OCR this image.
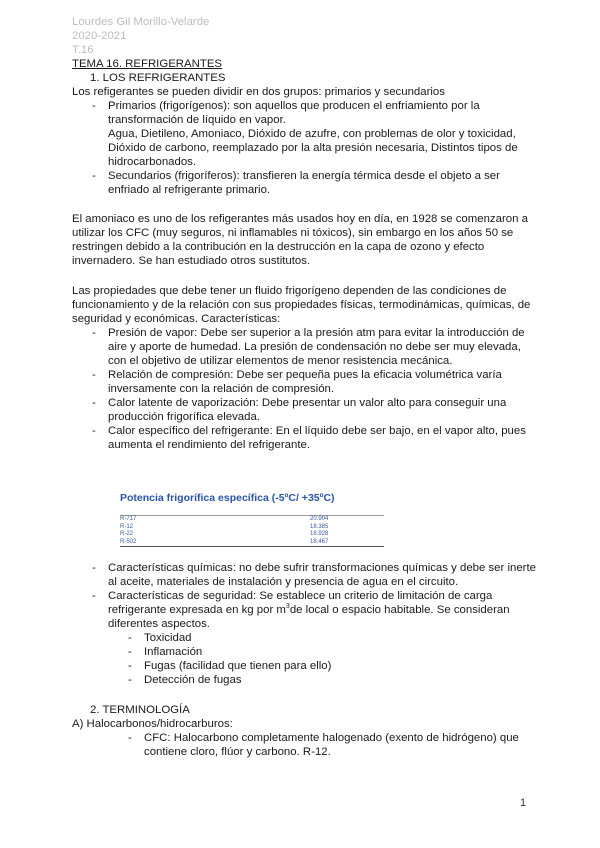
Lourdes Gil Morillo-Velarde
2020-2021
T.16
TEMA 16. REFRIGERANTES
1. LOS REFRIGERANTES
Los refigerantes se pueden dividir en dos grupos: primarios y secundarios
- Primarios (frigorígenos): son aquellos que producen el enfriamiento por la
transformación de líquido en vapor.
Agua, Dietileno, Amoniaco, Dióxido de azufre, con problemas de olor y toxicidad,
Dióxido de carbono, reemplazado por la alta presión necesaria, Distintos tipos de
hidrocarbonados.
- Secundarios (frigoríferos): transfieren la energía térmica desde el objeto a ser
enfriado al refrigerante primario.
El amoniaco es uno de los refigerantes más usados hoy en día, en 1928 se comenzaron a
utilizar los CFC (muy seguros, ni inflamables ni tóxicos), sin embargo en los años 50 se
restringen debido a la contribución en la destrucción en la capa de ozono y efecto
invernadero. Se han estudiado otros sustitutos.
Las propiedades que debe tener un fluido frigorígeno dependen de las condiciones de
funcionamiento y de la relación con sus propiedades físicas, termodinámicas, químicas, de
seguridad y económicas. Características:
- Presión de vapor: Debe ser superior a la presión atm para evitar la introducción de
aire y aporte de humedad. La presión de condensación no debe ser muy elevada,
con el objetivo de utilizar elementos de menor resistencia mecánica.
- Relación de compresión: Debe ser pequeña pues la eficacia volumétrica varía
inversamente con la relación de compresión.
- Calor latente de vaporización: Debe presentar un valor alto para conseguir una
producción frigorífica elevada.
- Calor específico del refrigerante: En el líquido debe ser bajo, en el vapor alto, pues
aumenta el rendimiento del refrigerante.
Potencia frigorífica específica (-5ºC/ +35ºC)
R-717	20.904
R-12	18.385
R-22	18.928
R-502	18.467
- Características químicas: no debe sufrir transformaciones químicas y debe ser inerte
al aceite, materiales de instalación y presencia de agua en el circuito.
- Características de seguridad: Se establece un criterio de limitación de carga
refrigerante expresada en kg por $m^3de$ local o espacio habitable. Se consideran
diferentes aspectos.
- Toxicidad
- Inflamación
- Fugas (facilidad que tienen para ello)
- Detección de fugas
2. TERMINOLOGÍA
A) Halocarbonos/hidrocarburos:
- CFC: Halocarbono completamente halogenado (exento de hidrógeno) que
contiene cloro, flúor y carbono. R-12.
1
